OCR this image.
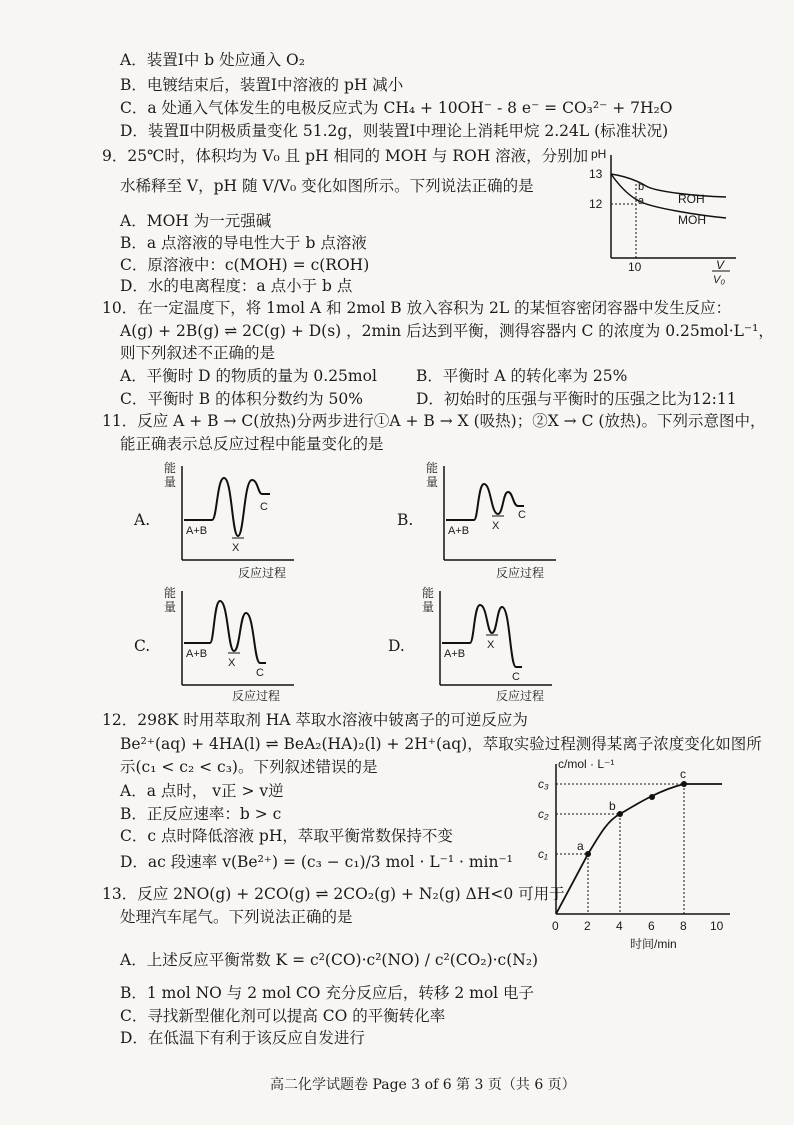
A．装置Ⅰ中 b 处应通入 O₂
B．电镀结束后，装置Ⅰ中溶液的 pH 减小
C．a 处通入气体发生的电极反应式为 CH₄ + 10OH⁻ - 8 e⁻ = CO₃²⁻ + 7H₂O
D．装置Ⅱ中阴极质量变化 51.2g，则装置Ⅰ中理论上消耗甲烷 2.24L (标准状况)
9．25℃时，体积均为 V₀ 且 pH 相同的 MOH 与 ROH 溶液，分别加
水稀释至 V，pH 随 V/V₀ 变化如图所示。下列说法正确的是
A．MOH 为一元强碱
B．a 点溶液的导电性大于 b 点溶液
C．原溶液中：c(MOH) = c(ROH)
D．水的电离程度：a 点小于 b 点
pH
13
12
b
a	ROH
MOH
10	V
V₀
10．在一定温度下，将 1mol A 和 2mol B 放入容积为 2L 的某恒容密闭容器中发生反应：
A(g) + 2B(g) ⇌ 2C(g) + D(s) ，2min 后达到平衡，测得容器内 C 的浓度为 0.25mol·L⁻¹，
则下列叙述不正确的是
A．平衡时 D 的物质的量为 0.25mol	B．平衡时 A 的转化率为 25%
C．平衡时 B 的体积分数约为 50%	D．初始时的压强与平衡时的压强之比为12:11
11．反应 A + B → C(放热)分两步进行①A + B → X (吸热)；②X → C (放热)。下列示意图中，
能正确表示总反应过程中能量变化的是
A.	B.
C.	D.
能
量
A+B
X
C
反应过程
能
量
A+B X
C
反应过程
能
量
A+B
X
C
反应过程
能
量
A+B
X
C
反应过程
12．298K 时用萃取剂 HA 萃取水溶液中铍离子的可逆反应为
Be²⁺(aq) + 4HA(l) ⇌ BeA₂(HA)₂(l) + 2H⁺(aq)，萃取实验过程测得某离子浓度变化如图所
示(c₁ < c₂ < c₃)。下列叙述错误的是
A．a 点时， v正 > v逆
B．正反应速率：b > c
C．c 点时降低溶液 pH，萃取平衡常数保持不变
D．ac 段速率 v(Be²⁺) = (c₃ − c₁)/3 mol · L⁻¹ · min⁻¹
c/mol · L⁻¹
a
b
c
c₃
c₂
c₁
0 2 4 6 8 10
时间/min
13．反应 2NO(g) + 2CO(g) ⇌ 2CO₂(g) + N₂(g) ΔH<0 可用于
处理汽车尾气。下列说法正确的是
A．上述反应平衡常数 K = c²(CO)·c²(NO) / c²(CO₂)·c(N₂)
B．1 mol NO 与 2 mol CO 充分反应后，转移 2 mol 电子
C．寻找新型催化剂可以提高 CO 的平衡转化率
D．在低温下有利于该反应自发进行
高二化学试题卷 Page 3 of 6 第 3 页（共 6 页）
